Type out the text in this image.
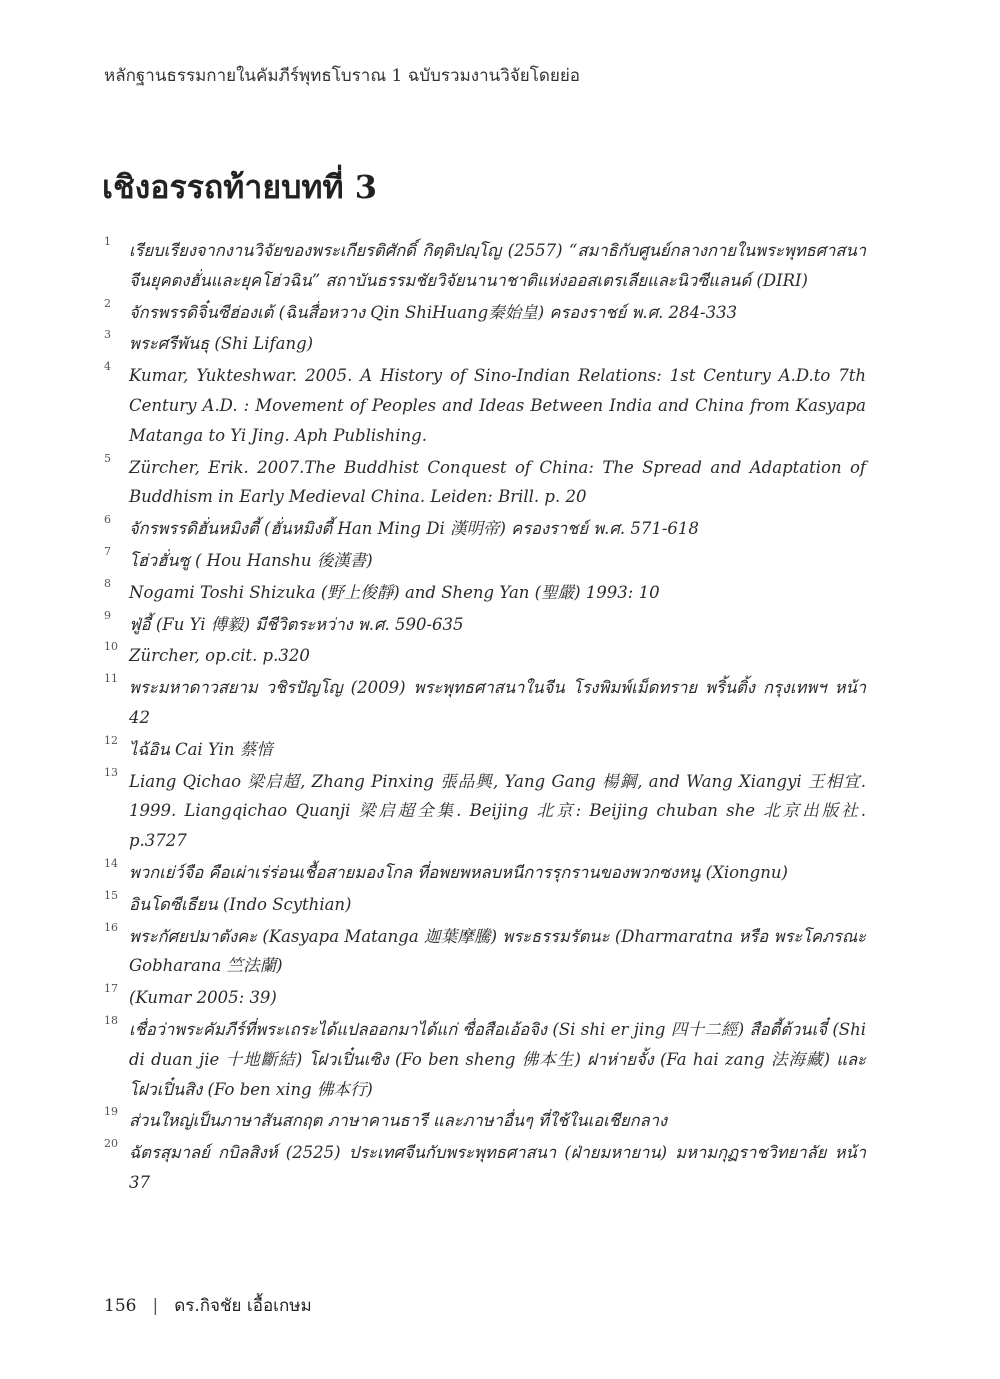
หลักฐานธรรมกายในคัมภีร์พุทธโบราณ 1 ฉบับรวมงานวิจัยโดยย่อ
เชิงอรรถท้ายบทที่ 3
1 เรียบเรียงจากงานวิจัยของพระเกียรติศักดิ์ กิตฺติปญฺโญ (2557) “สมาธิกับศูนย์กลางกายในพระพุทธศาสนาจีนยุคตงฮั่นและยุคโฮ่วฉิน” สถาบันธรรมชัยวิจัยนานาชาติแห่งออสเตรเลียและนิวซีแลนด์ (DIRI)
2 จักรพรรดิจิ๋นซีฮ่องเต้ (ฉินสื่อหวาง Qin ShiHuang秦始皇) ครองราชย์ พ.ศ. 284-333
3 พระศรีพันธุ (Shi Lifang)
4 Kumar, Yukteshwar. 2005. A History of Sino-Indian Relations: 1st Century A.D.to 7th Century A.D. : Movement of Peoples and Ideas Between India and China from Kasyapa Matanga to Yi Jing. Aph Publishing.
5 Zürcher, Erik. 2007.The Buddhist Conquest of China: The Spread and Adaptation of Buddhism in Early Medieval China. Leiden: Brill. p. 20
6 จักรพรรดิฮั่นหมิงตี้ (ฮั่นหมิงตี้ Han Ming Di 漢明帝) ครองราชย์ พ.ศ. 571-618
7 โฮ่วฮั่นซู ( Hou Hanshu 後漢書)
8 Nogami Toshi Shizuka (野上俊靜) and Sheng Yan (聖嚴) 1993: 10
9 ฟู่อี้ (Fu Yi 傅毅) มีชีวิตระหว่าง พ.ศ. 590-635
10 Zürcher, op.cit. p.320
11 พระมหาดาวสยาม วชิรปัญโญ (2009) พระพุทธศาสนาในจีน โรงพิมพ์เม็ดทราย พริ้นติ้ง กรุงเทพฯ หน้า 42
12 ไฉ้อิน Cai Yin 蔡愔
13 Liang Qichao 梁启超, Zhang Pinxing 張品興, Yang Gang 楊鋼, and Wang Xiangyi 王相宜. 1999. Liangqichao Quanji 梁启超全集. Beijing 北京: Beijing chuban she 北京出版社. p.3727
14 พวกเย่ว์จือ คือเผ่าเร่ร่อนเชื้อสายมองโกล ที่อพยพหลบหนีการรุกรานของพวกซงหนู (Xiongnu)
15 อินโดซีเธียน (Indo Scythian)
16 พระกัศยปมาตังคะ (Kasyapa Matanga 迦葉摩騰) พระธรรมรัตนะ (Dharmaratna หรือ พระโคภรณะ Gobharana 竺法蘭)
17 (Kumar 2005: 39)
18 เชื่อว่าพระคัมภีร์ที่พระเถระได้แปลออกมาได้แก่ ซื่อสือเอ้อจิง (Si shi er jing 四十二經) สือตี้ต้วนเจี๋ (Shi di duan jie 十地斷結) โฝวเปิ๋นเซิง (Fo ben sheng 佛本生) ฝาห่ายจั้ง (Fa hai zang 法海藏) และโฝวเปิ๋นสิง (Fo ben xing 佛本行)
19 ส่วนใหญ่เป็นภาษาสันสกฤต ภาษาคานธารี และภาษาอื่นๆ ที่ใช้ในเอเชียกลาง
20 ฉัตรสุมาลย์ กบิลสิงห์ (2525) ประเทศจีนกับพระพุทธศาสนา (ฝ่ายมหายาน) มหามกุฏราชวิทยาลัย หน้า 37
156 | ดร.กิจชัย เอื้อเกษม
